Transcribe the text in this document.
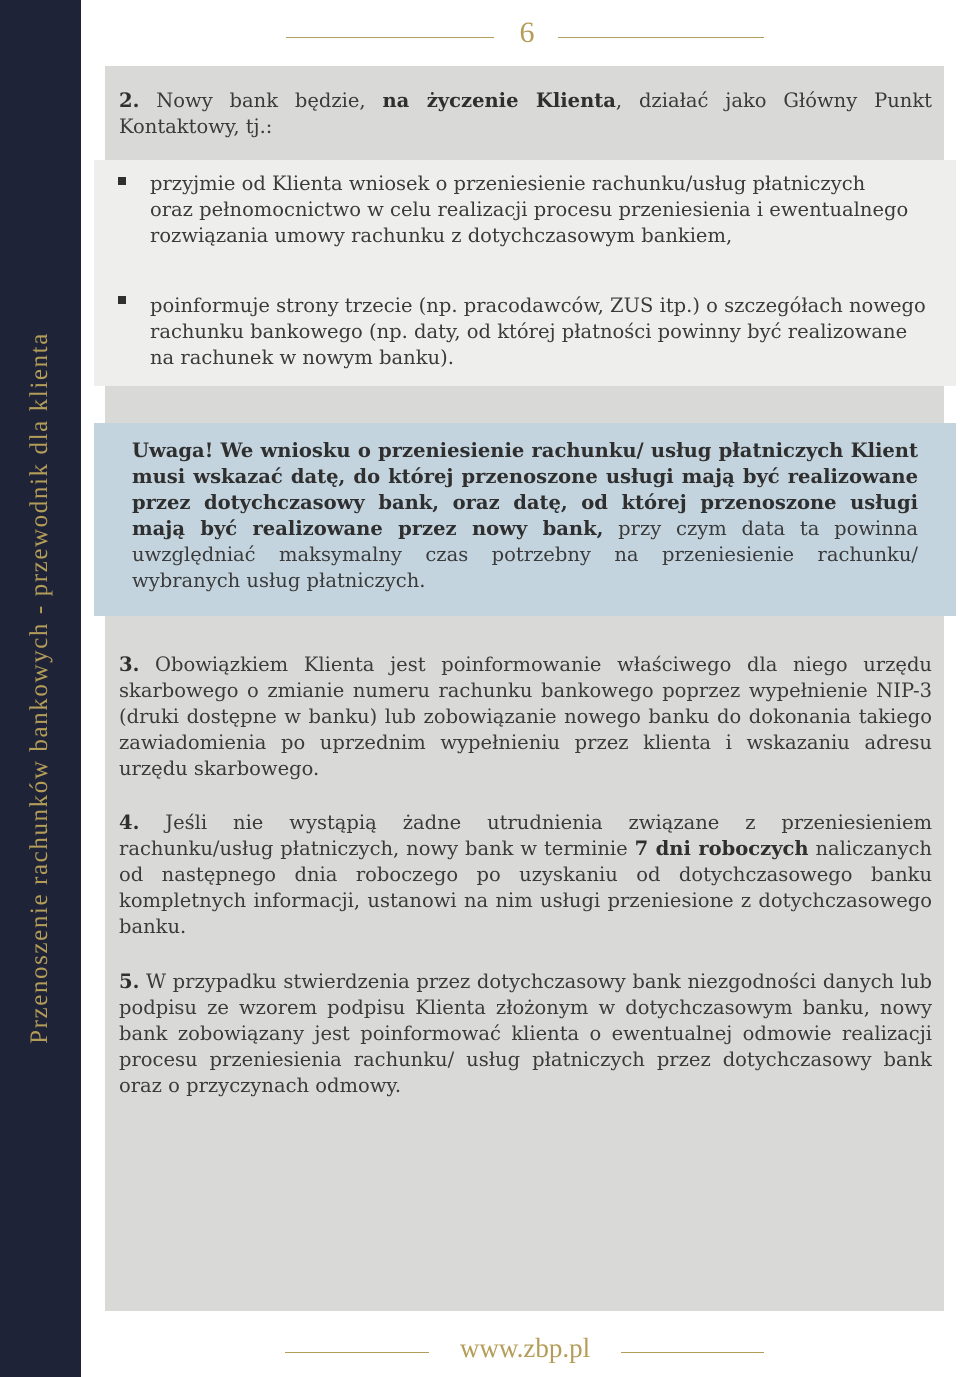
Przenoszenie rachunków bankowych - przewodnik dla klienta
6

2. Nowy bank będzie, na życzenie Klienta, działać jako Główny Punkt Kontaktowy, tj.:

przyjmie od Klienta wniosek o przeniesienie rachunku/usług płatniczych oraz pełnomocnictwo w celu realizacji procesu przeniesienia i ewentualnego rozwiązania umowy rachunku z dotychczasowym bankiem,

poinformuje strony trzecie (np. pracodawców, ZUS itp.) o szczegółach nowego rachunku bankowego (np. daty, od której płatności powinny być realizowane na rachunek w nowym banku).

Uwaga! We wniosku o przeniesienie rachunku/ usług płatniczych Klient musi wskazać datę, do której przenoszone usługi mają być realizowane przez dotychczasowy bank, oraz datę, od której przenoszone usługi mają być realizowane przez nowy bank, przy czym data ta powinna uwzględniać maksymalny czas potrzebny na przeniesienie rachunku/ wybranych usług płatniczych.

3. Obowiązkiem Klienta jest poinformowanie właściwego dla niego urzędu skarbowego o zmianie numeru rachunku bankowego poprzez wypełnienie NIP-3 (druki dostępne w banku) lub zobowiązanie nowego banku do dokonania takiego zawiadomienia po uprzednim wypełnieniu przez klienta i wskazaniu adresu urzędu skarbowego.

4. Jeśli nie wystąpią żadne utrudnienia związane z przeniesieniem rachunku/usług płatniczych, nowy bank w terminie 7 dni roboczych naliczanych od następnego dnia roboczego po uzyskaniu od dotychczasowego banku kompletnych informacji, ustanowi na nim usługi przeniesione z dotychczasowego banku.

5. W przypadku stwierdzenia przez dotychczasowy bank niezgodności danych lub podpisu ze wzorem podpisu Klienta złożonym w dotychczasowym banku, nowy bank zobowiązany jest poinformować klienta o ewentualnej odmowie realizacji procesu przeniesienia rachunku/ usług płatniczych przez dotychczasowy bank oraz o przyczynach odmowy.

www.zbp.pl
